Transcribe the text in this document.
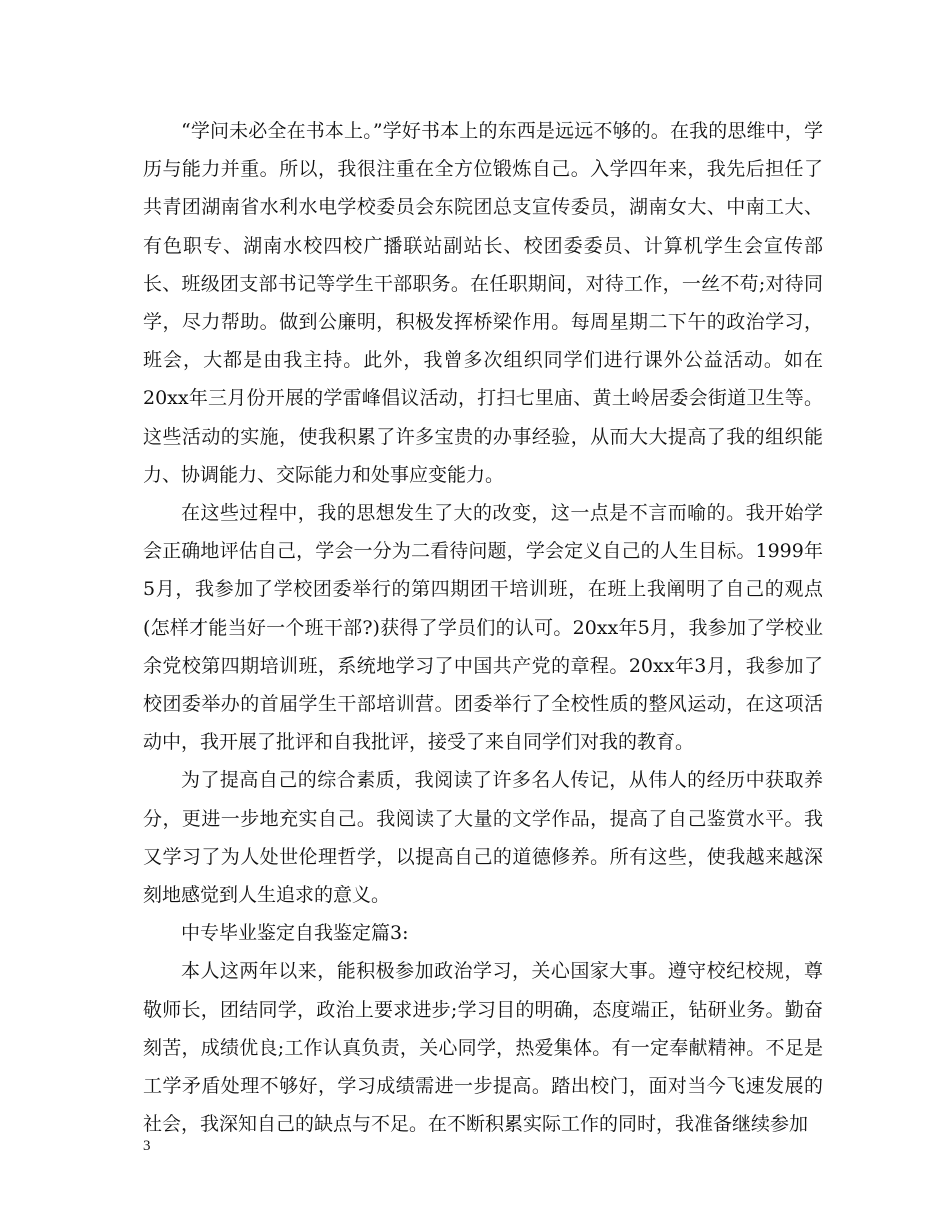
“学问未必全在书本上。”学好书本上的东西是远远不够的。在我的思维中，学历与能力并重。所以，我很注重在全方位锻炼自己。入学四年来，我先后担任了共青团湖南省水利水电学校委员会东院团总支宣传委员，湖南女大、中南工大、有色职专、湖南水校四校广播联站副站长、校团委委员、计算机学生会宣传部长、班级团支部书记等学生干部职务。在任职期间，对待工作，一丝不苟;对待同学，尽力帮助。做到公廉明，积极发挥桥梁作用。每周星期二下午的政治学习，班会，大都是由我主持。此外，我曾多次组织同学们进行课外公益活动。如在20xx年三月份开展的学雷峰倡议活动，打扫七里庙、黄土岭居委会街道卫生等。这些活动的实施，使我积累了许多宝贵的办事经验，从而大大提高了我的组织能力、协调能力、交际能力和处事应变能力。

在这些过程中，我的思想发生了大的改变，这一点是不言而喻的。我开始学会正确地评估自己，学会一分为二看待问题，学会定义自己的人生目标。1999年5月，我参加了学校团委举行的第四期团干培训班，在班上我阐明了自己的观点(怎样才能当好一个班干部?)获得了学员们的认可。20xx年5月，我参加了学校业余党校第四期培训班，系统地学习了中国共产党的章程。20xx年3月，我参加了校团委举办的首届学生干部培训营。团委举行了全校性质的整风运动，在这项活动中，我开展了批评和自我批评，接受了来自同学们对我的教育。

为了提高自己的综合素质，我阅读了许多名人传记，从伟人的经历中获取养分，更进一步地充实自己。我阅读了大量的文学作品，提高了自己鉴赏水平。我又学习了为人处世伦理哲学，以提高自己的道德修养。所有这些，使我越来越深刻地感觉到人生追求的意义。

中专毕业鉴定自我鉴定篇3:

本人这两年以来，能积极参加政治学习，关心国家大事。遵守校纪校规，尊敬师长，团结同学，政治上要求进步;学习目的明确，态度端正，钻研业务。勤奋刻苦，成绩优良;工作认真负责，关心同学，热爱集体。有一定奉献精神。不足是工学矛盾处理不够好，学习成绩需进一步提高。踏出校门，面对当今飞速发展的社会，我深知自己的缺点与不足。在不断积累实际工作的同时，我准备继续参加

3
